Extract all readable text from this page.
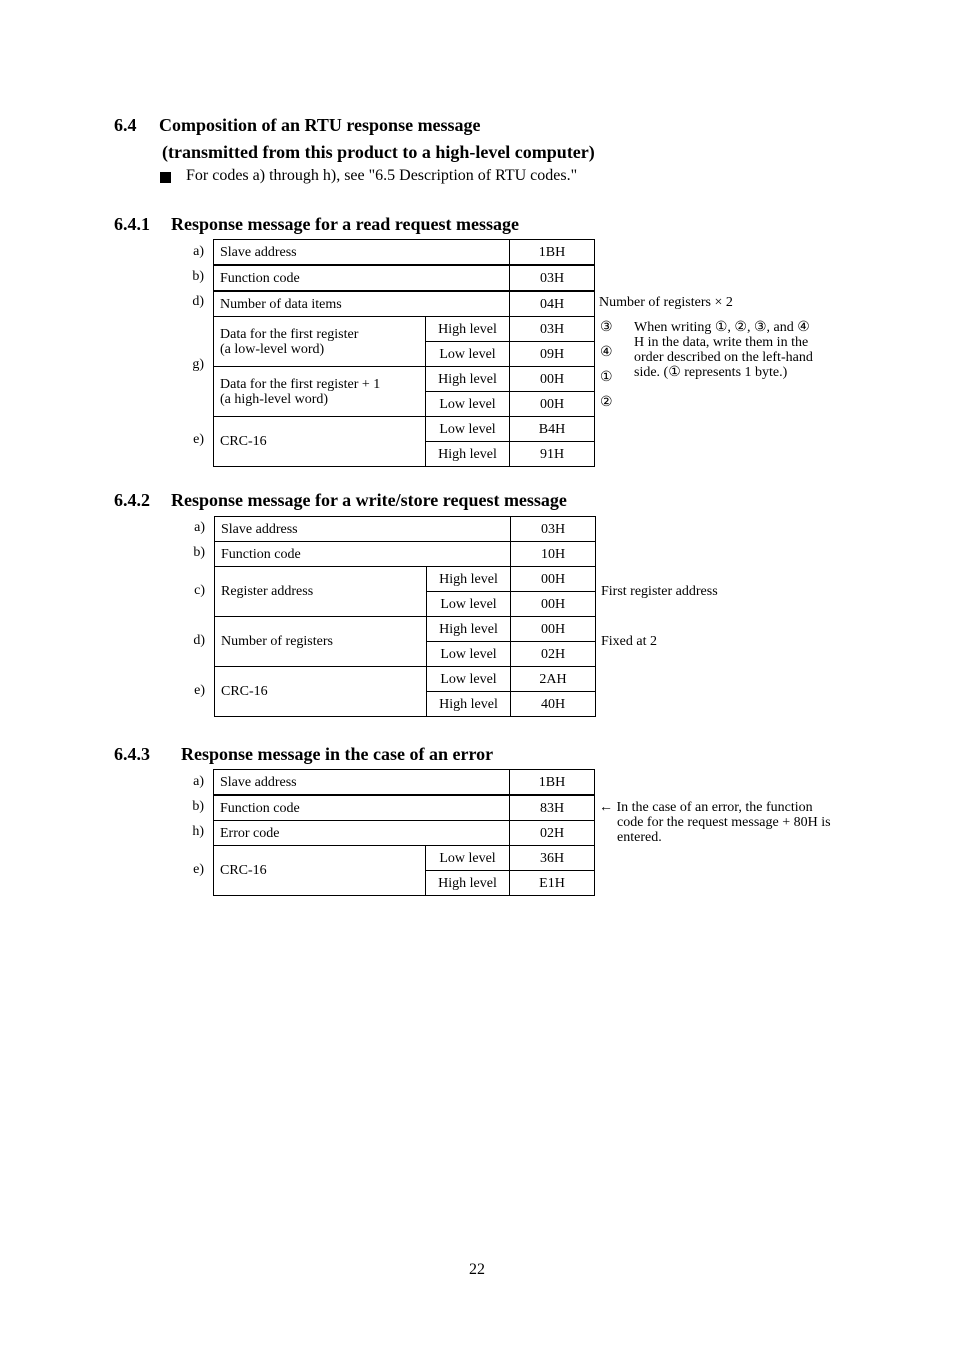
6.4 Composition of an RTU response message
(transmitted from this product to a high-level computer)
For codes a) through h), see "6.5 Description of RTU codes."
6.4.1 Response message for a read request message
a)
b)
d)
g)
e)
Slave address		1BH
Function code		03H
Number of data items		04H

Data for the first register
(a low-level word)	High level	03H
	Low level	09H

Data for the first register + 1
(a high-level word)	High level	00H
	Low level	00H
CRC-16	Low level	B4H
	High level	91H
Number of registers × 2
③
④
①
②
When writing ①, ②, ③, and ④
H in the data, write them in the
order described on the left-hand
side. (① represents 1 byte.)
6.4.2 Response message for a write/store request message
a)
b)
c)
d)
e)
Slave address		03H
Function code		10H
Register address	High level	00H
	Low level	00H
Number of registers	High level	00H
	Low level	02H
CRC-16	Low level	2AH
	High level	40H
First register address
Fixed at 2
6.4.3 Response message in the case of an error
a)
b)
h)
e)
Slave address		1BH
Function code		83H
Error code		02H
CRC-16	Low level	36H
	High level	E1H
← In the case of an error, the function
code for the request message + 80H is
entered.
22
